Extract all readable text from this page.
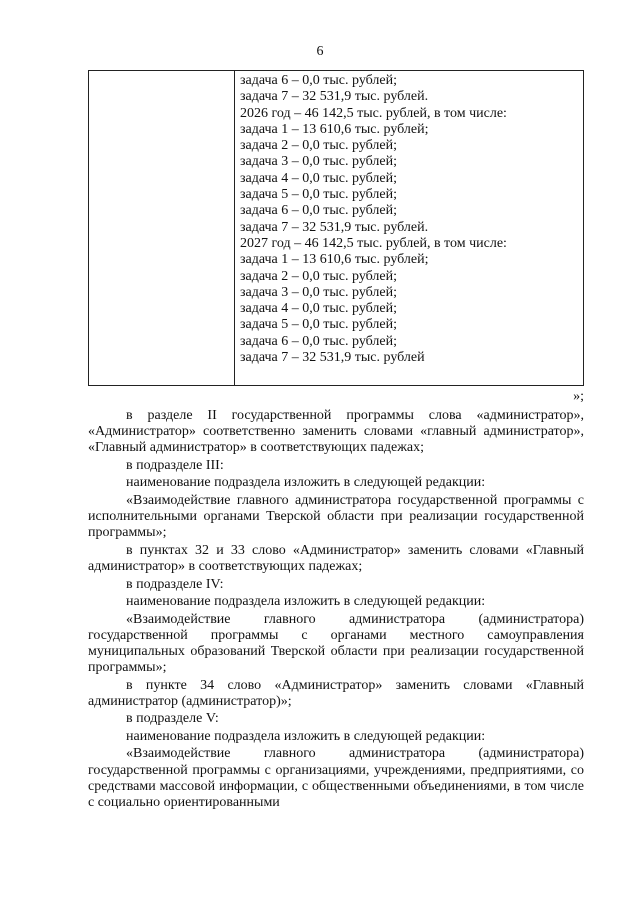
6
задача 6 – 0,0 тыс. рублей;
задача 7 – 32 531,9 тыс. рублей.
2026 год – 46 142,5 тыс. рублей, в том числе:
задача 1 – 13 610,6 тыс. рублей;
задача 2 – 0,0 тыс. рублей;
задача 3 – 0,0 тыс. рублей;
задача 4 – 0,0 тыс. рублей;
задача 5 – 0,0 тыс. рублей;
задача 6 – 0,0 тыс. рублей;
задача 7 – 32 531,9 тыс. рублей.
2027 год – 46 142,5 тыс. рублей, в том числе:
задача 1 – 13 610,6 тыс. рублей;
задача 2 – 0,0 тыс. рублей;
задача 3 – 0,0 тыс. рублей;
задача 4 – 0,0 тыс. рублей;
задача 5 – 0,0 тыс. рублей;
задача 6 – 0,0 тыс. рублей;
задача 7 – 32 531,9 тыс. рублей
»;

в разделе II государственной программы слова «администратор», «Администратор» соответственно заменить словами «главный администратор», «Главный администратор» в соответствующих падежах;

в подразделе III:

наименование подраздела изложить в следующей редакции:

«Взаимодействие главного администратора государственной программы с исполнительными органами Тверской области при реализации государственной программы»;

в пунктах 32 и 33 слово «Администратор» заменить словами «Главный администратор» в соответствующих падежах;

в подразделе IV:

наименование подраздела изложить в следующей редакции:

«Взаимодействие главного администратора (администратора) государственной программы с органами местного самоуправления муниципальных образований Тверской области при реализации государственной программы»;

в пункте 34 слово «Администратор» заменить словами «Главный администратор (администратор)»;

в подразделе V:

наименование подраздела изложить в следующей редакции:

«Взаимодействие главного администратора (администратора) государственной программы с организациями, учреждениями, предприятиями, со средствами массовой информации, с общественными объединениями, в том числе с социально ориентированными
